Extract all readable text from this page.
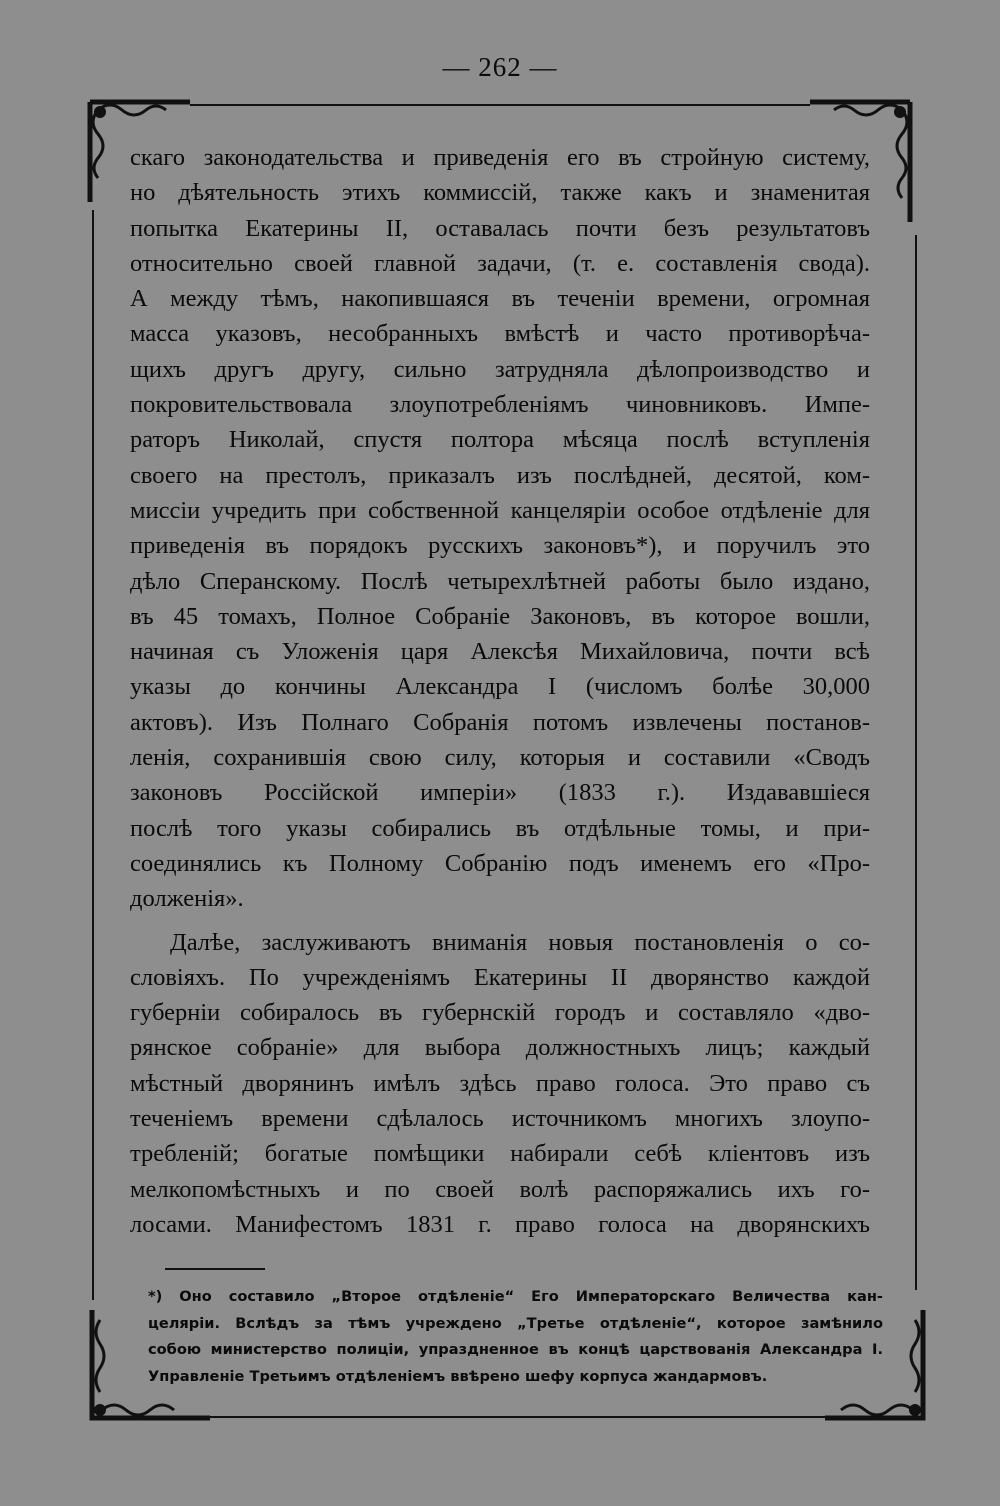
— 262 —
скаго законодательства и приведенія его въ стройную систему,
но дѣятельность этихъ коммиссій, также какъ и знаменитая
попытка Екатерины II, оставалась почти безъ результатовъ
относительно своей главной задачи, (т. е. составленія свода).
А между тѣмъ, накопившаяся въ теченіи времени, огромная
масса указовъ, несобранныхъ вмѣстѣ и часто противорѣча-
щихъ другъ другу, сильно затрудняла дѣлопроизводство и
покровительствовала злоупотребленіямъ чиновниковъ. Импе-
раторъ Николай, спустя полтора мѣсяца послѣ вступленія
своего на престолъ, приказалъ изъ послѣдней, десятой, ком-
миссіи учредить при собственной канцеляріи особое отдѣленіе для
приведенія въ порядокъ русскихъ законовъ*), и поручилъ это
дѣло Сперанскому. Послѣ четырехлѣтней работы было издано,
въ 45 томахъ, Полное Собраніе Законовъ, въ которое вошли,
начиная съ Уложенія царя Алексѣя Михайловича, почти всѣ
указы до кончины Александра I (числомъ болѣе 30,000
актовъ). Изъ Полнаго Собранія потомъ извлечены постанов-
ленія, сохранившія свою силу, которыя и составили «Сводъ
законовъ Россійской имперіи» (1833 г.). Издававшіеся
послѣ того указы собирались въ отдѣльные томы, и при-
соединялись къ Полному Собранію подъ именемъ его «Про-
долженія».
Далѣе, заслуживаютъ вниманія новыя постановленія о со-
словіяхъ. По учрежденіямъ Екатерины II дворянство каждой
губерніи собиралось въ губернскій городъ и составляло «дво-
рянское собраніе» для выбора должностныхъ лицъ; каждый
мѣстный дворянинъ имѣлъ здѣсь право голоса. Это право съ
теченіемъ времени сдѣлалось источникомъ многихъ злоупо-
требленій; богатые помѣщики набирали себѣ кліентовъ изъ
мелкопомѣстныхъ и по своей волѣ распоряжались ихъ го-
лосами. Манифестомъ 1831 г. право голоса на дворянскихъ
*) Оно составило „Второе отдѣленіе“ Его Императорскаго Величества кан-
целяріи. Вслѣдъ за тѣмъ учреждено „Третье отдѣленіе“, которое замѣнило
собою министерство полиціи, упраздненное въ концѣ царствованія Александра I.
Управленіе Третьимъ отдѣленіемъ ввѣрено шефу корпуса жандармовъ.
